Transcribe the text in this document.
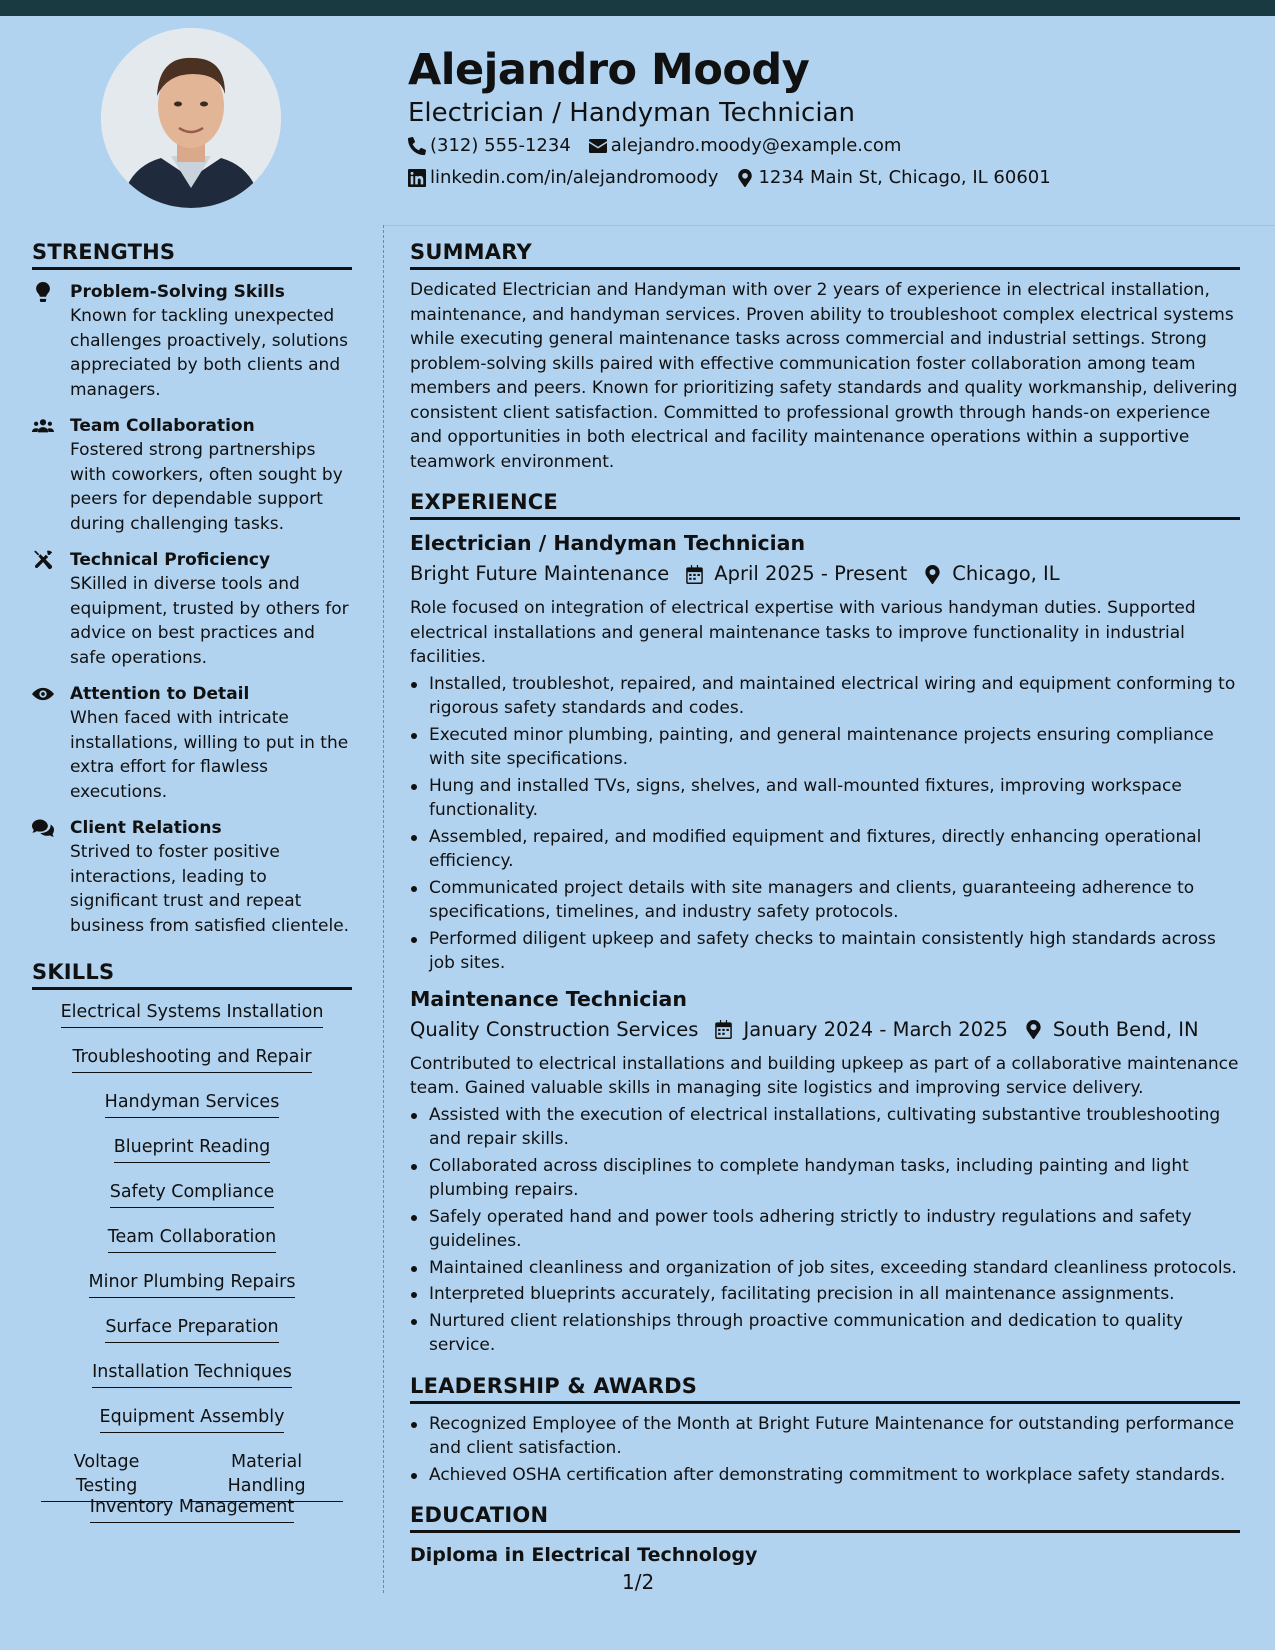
Alejandro Moody
Electrician / Handyman Technician
(312) 555-1234 alejandro.moody@example.com
linkedin.com/in/alejandromoody 1234 Main St, Chicago, IL 60601
STRENGTHS
Problem-Solving Skills
Known for tackling unexpected challenges proactively, solutions appreciated by both clients and managers.
Team Collaboration
Fostered strong partnerships with coworkers, often sought by peers for dependable support during challenging tasks.
Technical Proficiency
SKilled in diverse tools and equipment, trusted by others for advice on best practices and safe operations.
Attention to Detail
When faced with intricate installations, willing to put in the extra effort for flawless executions.
Client Relations
Strived to foster positive interactions, leading to significant trust and repeat business from satisfied clientele.
SKILLS
Electrical Systems Installation
Troubleshooting and Repair
Handyman Services
Blueprint Reading
Safety Compliance
Team Collaboration
Minor Plumbing Repairs
Surface Preparation
Installation Techniques
Equipment Assembly
Voltage Testing
Material Handling
Inventory Management
SUMMARY
Dedicated Electrician and Handyman with over 2 years of experience in electrical installation, maintenance, and handyman services. Proven ability to troubleshoot complex electrical systems while executing general maintenance tasks across commercial and industrial settings. Strong problem-solving skills paired with effective communication foster collaboration among team members and peers. Known for prioritizing safety standards and quality workmanship, delivering consistent client satisfaction. Committed to professional growth through hands-on experience and opportunities in both electrical and facility maintenance operations within a supportive teamwork environment.
EXPERIENCE
Electrician / Handyman Technician
Bright Future Maintenance April 2025 - Present Chicago, IL
Role focused on integration of electrical expertise with various handyman duties. Supported electrical installations and general maintenance tasks to improve functionality in industrial facilities.
Installed, troubleshot, repaired, and maintained electrical wiring and equipment conforming to rigorous safety standards and codes.
Executed minor plumbing, painting, and general maintenance projects ensuring compliance with site specifications.
Hung and installed TVs, signs, shelves, and wall-mounted fixtures, improving workspace functionality.
Assembled, repaired, and modified equipment and fixtures, directly enhancing operational efficiency.
Communicated project details with site managers and clients, guaranteeing adherence to specifications, timelines, and industry safety protocols.
Performed diligent upkeep and safety checks to maintain consistently high standards across job sites.
Maintenance Technician
Quality Construction Services January 2024 - March 2025 South Bend, IN
Contributed to electrical installations and building upkeep as part of a collaborative maintenance team. Gained valuable skills in managing site logistics and improving service delivery.
Assisted with the execution of electrical installations, cultivating substantive troubleshooting and repair skills.
Collaborated across disciplines to complete handyman tasks, including painting and light plumbing repairs.
Safely operated hand and power tools adhering strictly to industry regulations and safety guidelines.
Maintained cleanliness and organization of job sites, exceeding standard cleanliness protocols.
Interpreted blueprints accurately, facilitating precision in all maintenance assignments.
Nurtured client relationships through proactive communication and dedication to quality service.
LEADERSHIP & AWARDS
Recognized Employee of the Month at Bright Future Maintenance for outstanding performance and client satisfaction.
Achieved OSHA certification after demonstrating commitment to workplace safety standards.
EDUCATION
Diploma in Electrical Technology
1/2
